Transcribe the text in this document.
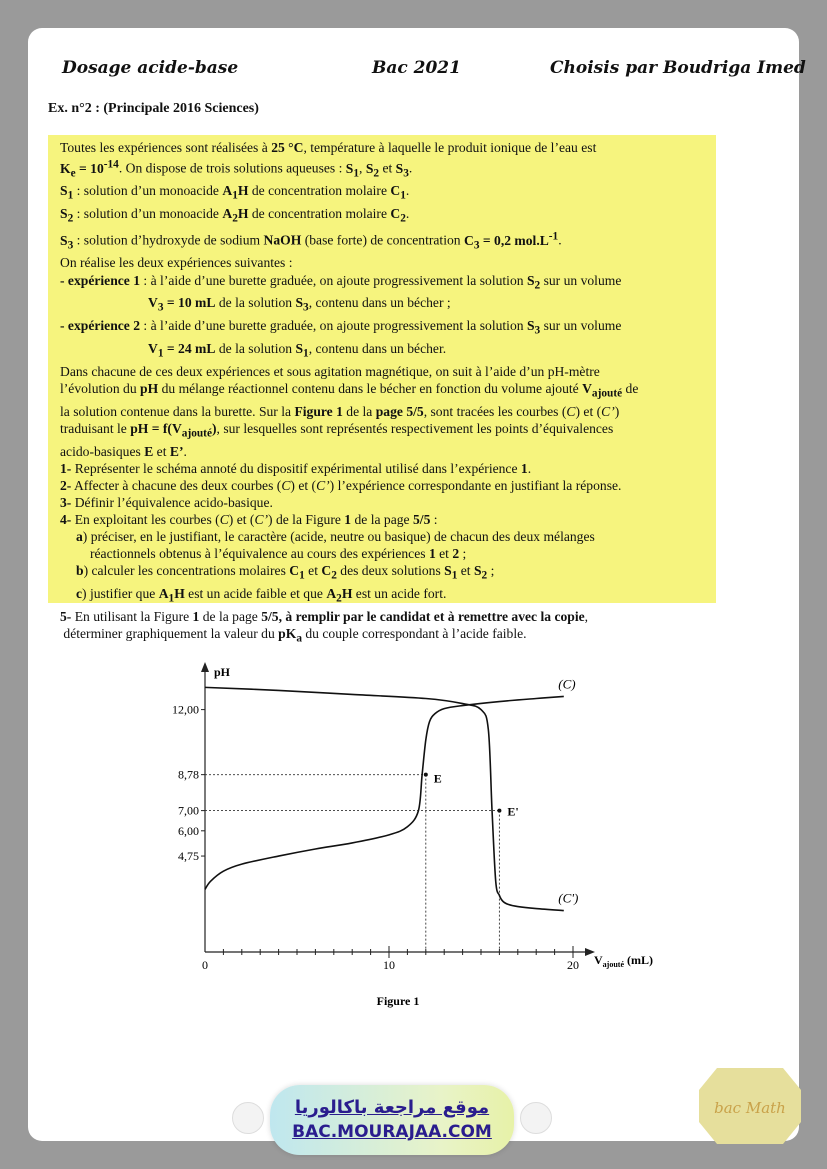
Dosage acide-base	Bac 2021	Choisis par Boudriga Imed
Ex. n°2 : (Principale 2016 Sciences)

Toutes les expériences sont réalisées à 25 °C, température à laquelle le produit ionique de l’eau est

$K_e = 10^{-14}$. On dispose de trois solutions aqueuses : $S_1$, $S_2$ et $S_3$.

$S_1$ : solution d’un monoacide $A_1H$ de concentration molaire $C_1$.

$S_2$ : solution d’un monoacide $A_2H$ de concentration molaire $C_2$.

$S_3$ : solution d’hydroxyde de sodium NaOH (base forte) de concentration $C_3 = 0,2$ $mol.L^{-1}$.

On réalise les deux expériences suivantes :

- expérience 1 : à l’aide d’une burette graduée, on ajoute progressivement la solution $S_2$ sur un volume

$V_3 = 10$ mL de la solution $S_3$, contenu dans un bécher ;

- expérience 2 : à l’aide d’une burette graduée, on ajoute progressivement la solution $S_3$ sur un volume

$V_1 = 24$ mL de la solution $S_1$, contenu dans un bécher.

Dans chacune de ces deux expériences et sous agitation magnétique, on suit à l’aide d’un pH-mètre

l’évolution du pH du mélange réactionnel contenu dans le bécher en fonction du volume ajouté $V_{ajouté}$ de

la solution contenue dans la burette. Sur la Figure 1 de la page 5/5, sont tracées les courbes (C) et (C’)

traduisant le pH = $f(V_{ajouté})$, sur lesquelles sont représentés respectivement les points d’équivalences

acido-basiques E et E’.

1- Représenter le schéma annoté du dispositif expérimental utilisé dans l’expérience 1.

2- Affecter à chacune des deux courbes (C) et (C’) l’expérience correspondante en justifiant la réponse.

3- Définir l’équivalence acido-basique.

4- En exploitant les courbes (C) et (C’) de la Figure 1 de la page 5/5 :

a) préciser, en le justifiant, le caractère (acide, neutre ou basique) de chacun des deux mélanges

réactionnels obtenus à l’équivalence au cours des expériences 1 et 2 ;

b) calculer les concentrations molaires $C_1$ et $C_2$ des deux solutions $S_1$ et $S_2$ ;

c) justifier que $A_1H$ est un acide faible et que $A_2H$ est un acide fort.

5- En utilisant la Figure 1 de la page 5/5, à remplir par le candidat et à remettre avec la copie,

déterminer graphiquement la valeur du $pK_a$ du couple correspondant à l’acide faible.

pH
$V_{ajouté}$ (mL)
Figure 1
0	10	20
12,00
8,78
7,00
6,00
4,75
E
E'
(C)
(C')
موقع مراجعة باكالوريا
BAC.MOURAJAA.COM
bac Math
